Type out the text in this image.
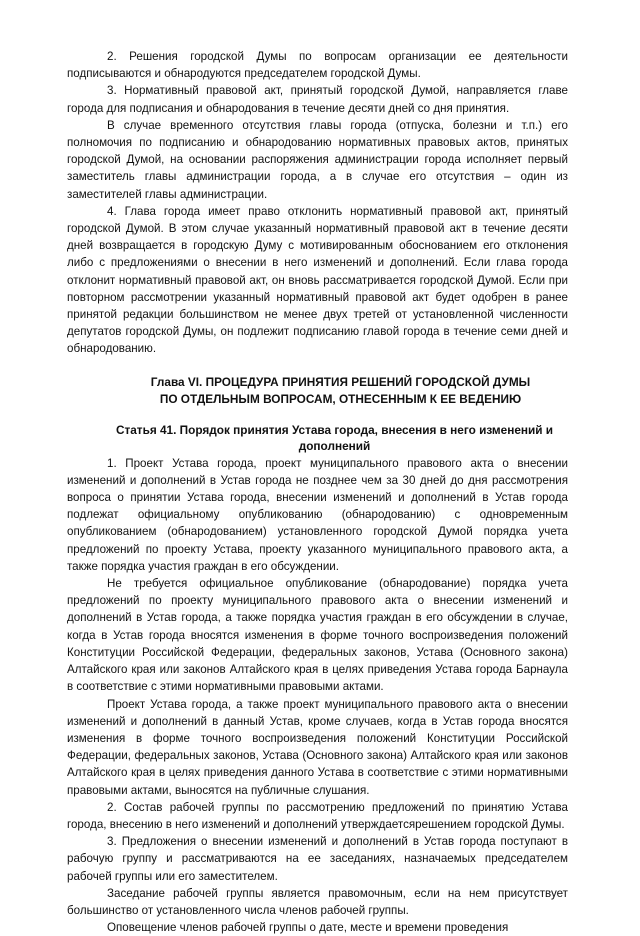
2. Решения городской Думы по вопросам организации ее деятельности подписываются и обнародуются председателем городской Думы.

3. Нормативный правовой акт, принятый городской Думой, направляется главе города для подписания и обнародования в течение десяти дней со дня принятия.

В случае временного отсутствия главы города (отпуска, болезни и т.п.) его полномочия по подписанию и обнародованию нормативных правовых актов, принятых городской Думой, на основании распоряжения администрации города исполняет первый заместитель главы администрации города, а в случае его отсутствия – один из заместителей главы администрации.

4. Глава города имеет право отклонить нормативный правовой акт, принятый городской Думой. В этом случае указанный нормативный правовой акт в течение десяти дней возвращается в городскую Думу с мотивированным обоснованием его отклонения либо с предложениями о внесении в него изменений и дополнений. Если глава города отклонит нормативный правовой акт, он вновь рассматривается городской Думой. Если при повторном рассмотрении указанный нормативный правовой акт будет одобрен в ранее принятой редакции большинством не менее двух третей от установленной численности депутатов городской Думы, он подлежит подписанию главой города в течение семи дней и обнародованию.

Глава VI. ПРОЦЕДУРА ПРИНЯТИЯ РЕШЕНИЙ ГОРОДСКОЙ ДУМЫ
ПО ОТДЕЛЬНЫМ ВОПРОСАМ, ОТНЕСЕННЫМ К ЕЕ ВЕДЕНИЮ
Статья 41. Порядок принятия Устава города, внесения в него изменений и
дополнений

1. Проект Устава города, проект муниципального правового акта о внесении изменений и дополнений в Устав города не позднее чем за 30 дней до дня рассмотрения вопроса о принятии Устава города, внесении изменений и дополнений в Устав города подлежат официальному опубликованию (обнародованию) с одновременным опубликованием (обнародованием) установленного городской Думой порядка учета предложений по проекту Устава, проекту указанного муниципального правового акта, а также порядка участия граждан в его обсуждении.

Не требуется официальное опубликование (обнародование) порядка учета предложений по проекту муниципального правового акта о внесении изменений и дополнений в Устав города, а также порядка участия граждан в его обсуждении в случае, когда в Устав города вносятся изменения в форме точного воспроизведения положений Конституции Российской Федерации, федеральных законов, Устава (Основного закона) Алтайского края или законов Алтайского края в целях приведения Устава города Барнаула в соответствие с этими нормативными правовыми актами.

Проект Устава города, а также проект муниципального правового акта о внесении изменений и дополнений в данный Устав, кроме случаев, когда в Устав города вносятся изменения в форме точного воспроизведения положений Конституции Российской Федерации, федеральных законов, Устава (Основного закона) Алтайского края или законов Алтайского края в целях приведения данного Устава в соответствие с этими нормативными правовыми актами, выносятся на публичные слушания.

2. Состав рабочей группы по рассмотрению предложений по принятию Устава города, внесению в него изменений и дополнений утверждаетсярешением городской Думы.

3. Предложения о внесении изменений и дополнений в Устав города поступают в рабочую группу и рассматриваются на ее заседаниях, назначаемых председателем рабочей группы или его заместителем.

Заседание рабочей группы является правомочным, если на нем присутствует большинство от установленного числа членов рабочей группы.

Оповещение членов рабочей группы о дате, месте и времени проведения
